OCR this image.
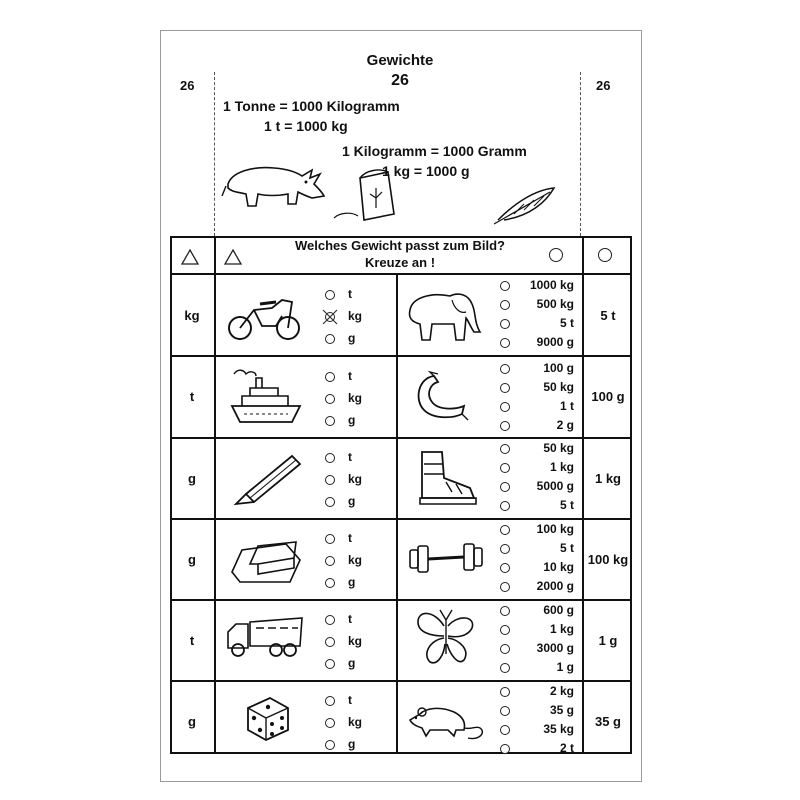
26	26
Gewichte
26
1 Tonne = 1000 Kilogramm
1 t = 1000 kg
1 Kilogramm = 1000 Gramm
1 kg = 1000 g
Welches Gewicht passt zum Bild?
Kreuze an !
kg
t
kg
g
1000 kg
500 kg
5 t
9000 g
5 t
t
t
kg
g
100 g
50 kg
1 t
2 g
100 g
g
t
kg
g
50 kg
1 kg
5000 g
5 t
1 kg
g
t
kg
g
100 kg
5 t
10 kg
2000 g
100 kg
t
t
kg
g
600 g
1 kg
3000 g
1 g
1 g
g
t
kg
g
2 kg
35 g
35 kg
2 t
35 g
